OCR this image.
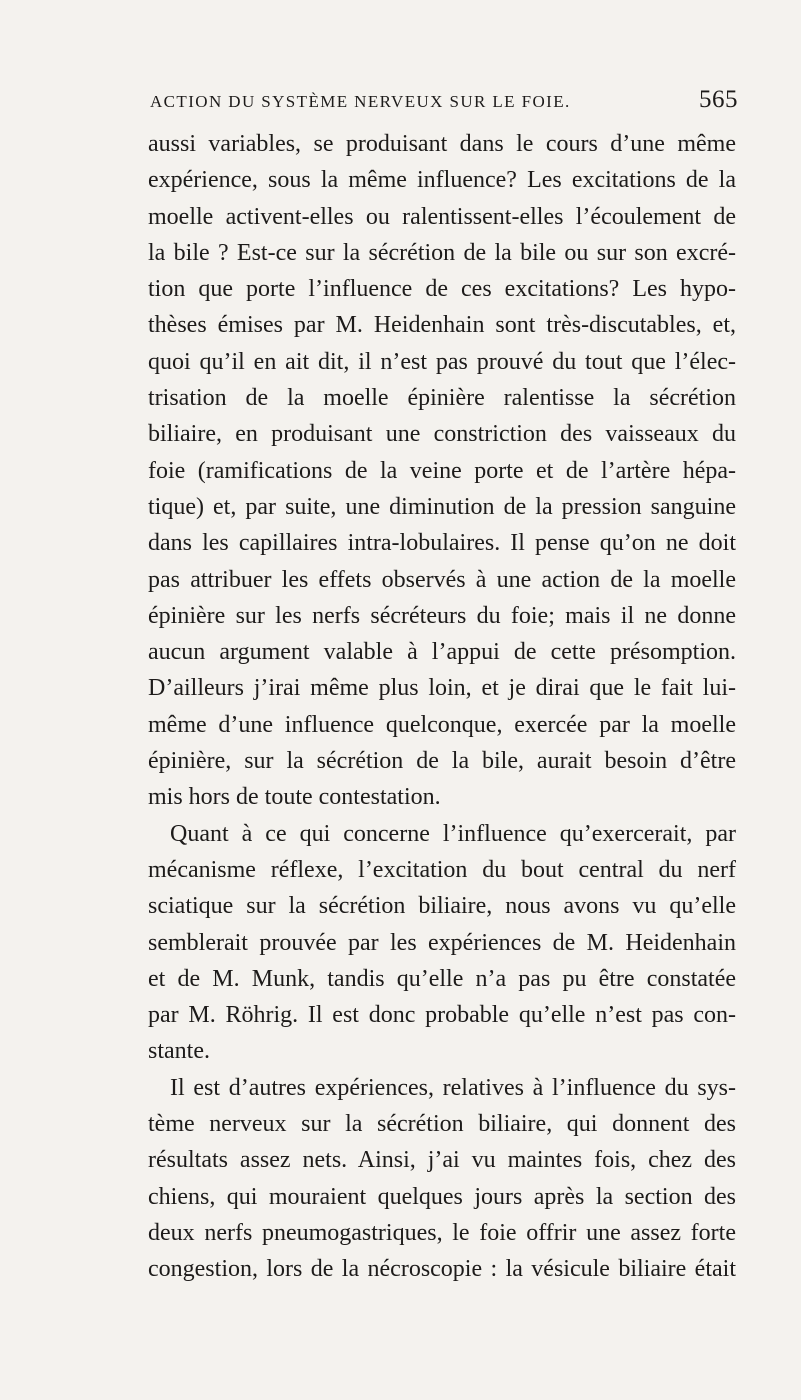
ACTION DU SYSTÈME NERVEUX SUR LE FOIE.	565
aussi variables, se produisant dans le cours d’une même
expérience, sous la même influence? Les excitations de la
moelle activent-elles ou ralentissent-elles l’écoulement de
la bile ? Est-ce sur la sécrétion de la bile ou sur son excré-
tion que porte l’influence de ces excitations? Les hypo-
thèses émises par M. Heidenhain sont très-discutables, et,
quoi qu’il en ait dit, il n’est pas prouvé du tout que l’élec-
trisation de la moelle épinière ralentisse la sécrétion
biliaire, en produisant une constriction des vaisseaux du
foie (ramifications de la veine porte et de l’artère hépa-
tique) et, par suite, une diminution de la pression sanguine
dans les capillaires intra-lobulaires. Il pense qu’on ne doit
pas attribuer les effets observés à une action de la moelle
épinière sur les nerfs sécréteurs du foie; mais il ne donne
aucun argument valable à l’appui de cette présomption.
D’ailleurs j’irai même plus loin, et je dirai que le fait lui-
même d’une influence quelconque, exercée par la moelle
épinière, sur la sécrétion de la bile, aurait besoin d’être
mis hors de toute contestation.
Quant à ce qui concerne l’influence qu’exercerait, par
mécanisme réflexe, l’excitation du bout central du nerf
sciatique sur la sécrétion biliaire, nous avons vu qu’elle
semblerait prouvée par les expériences de M. Heidenhain
et de M. Munk, tandis qu’elle n’a pas pu être constatée
par M. Röhrig. Il est donc probable qu’elle n’est pas con-
stante.
Il est d’autres expériences, relatives à l’influence du sys-
tème nerveux sur la sécrétion biliaire, qui donnent des
résultats assez nets. Ainsi, j’ai vu maintes fois, chez des
chiens, qui mouraient quelques jours après la section des
deux nerfs pneumogastriques, le foie offrir une assez forte
congestion, lors de la nécroscopie : la vésicule biliaire était
